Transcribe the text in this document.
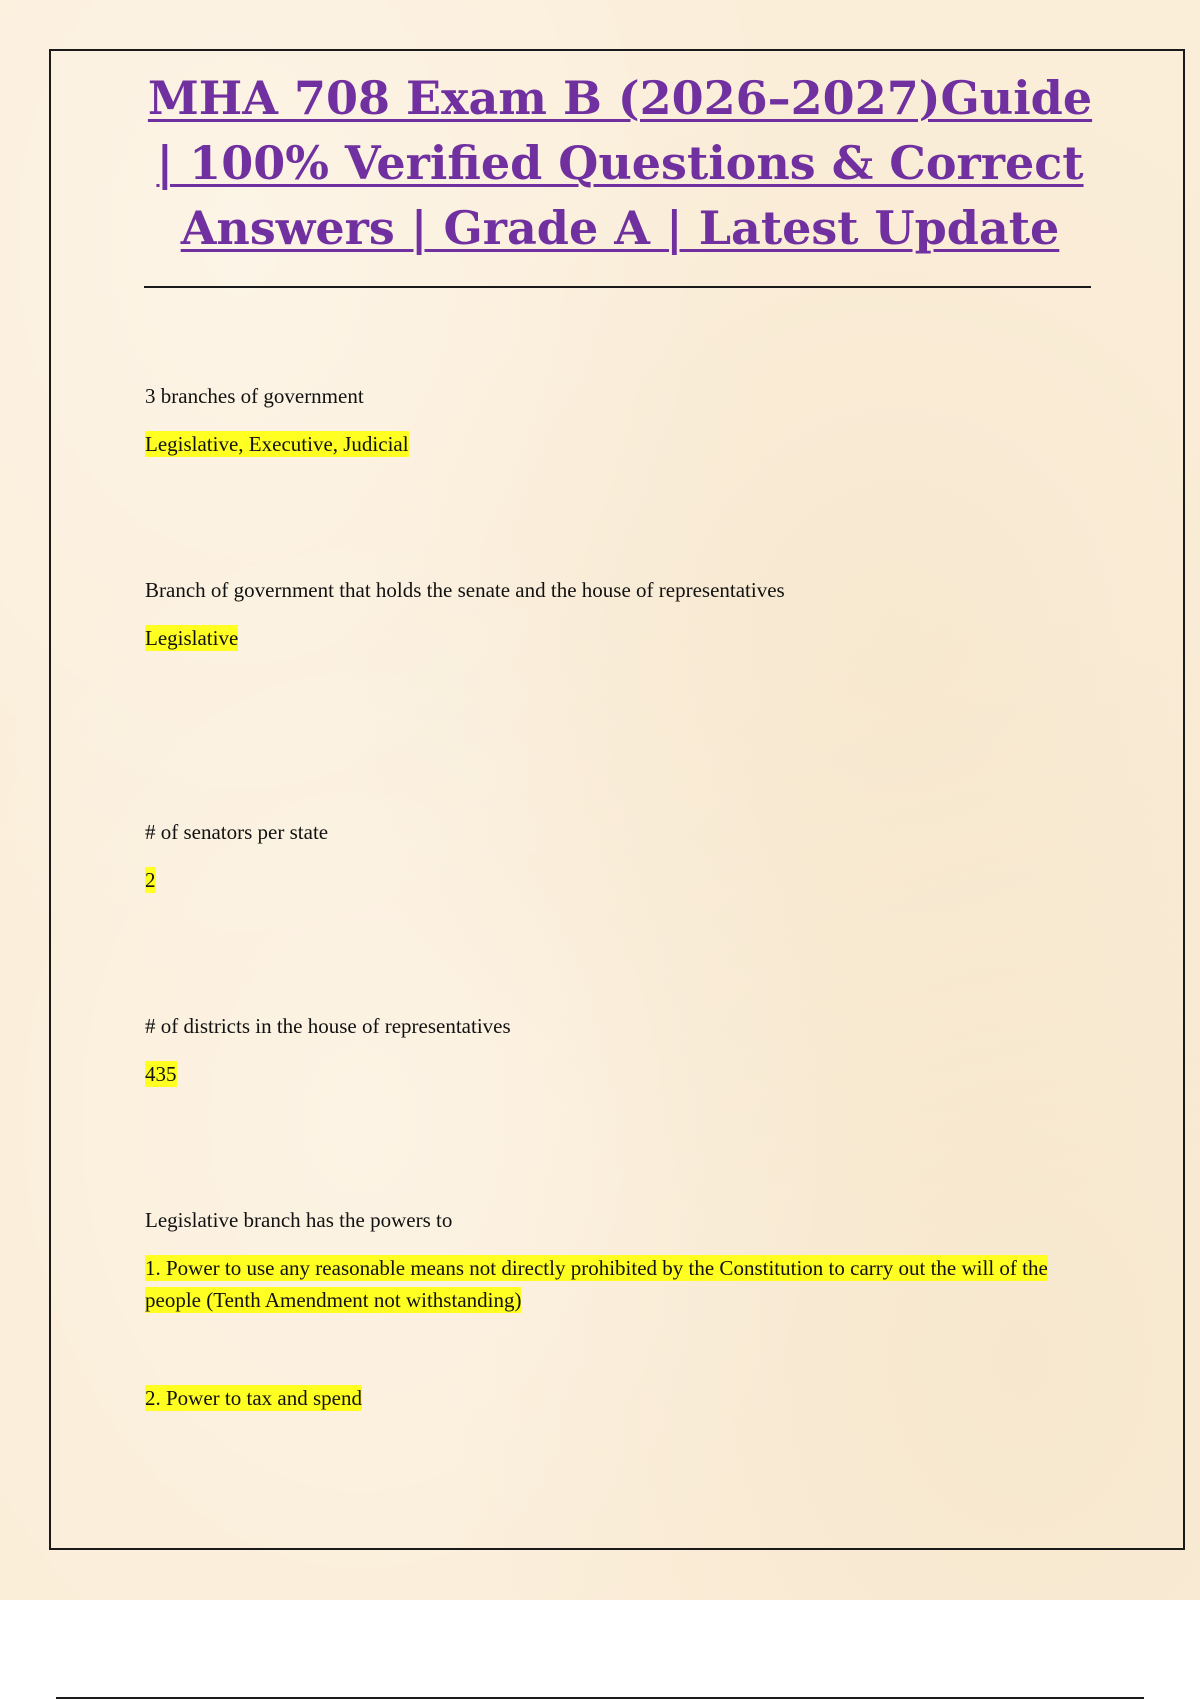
MHA 708 Exam B (2026–2027)Guide | 100% Verified Questions & Correct Answers | Grade A | Latest Update

3 branches of government

Legislative, Executive, Judicial

Branch of government that holds the senate and the house of representatives

Legislative

# of senators per state

2

# of districts in the house of representatives

435

Legislative branch has the powers to

1. Power to use any reasonable means not directly prohibited by the Constitution to carry out the will of the people (Tenth Amendment not withstanding)

2. Power to tax and spend
